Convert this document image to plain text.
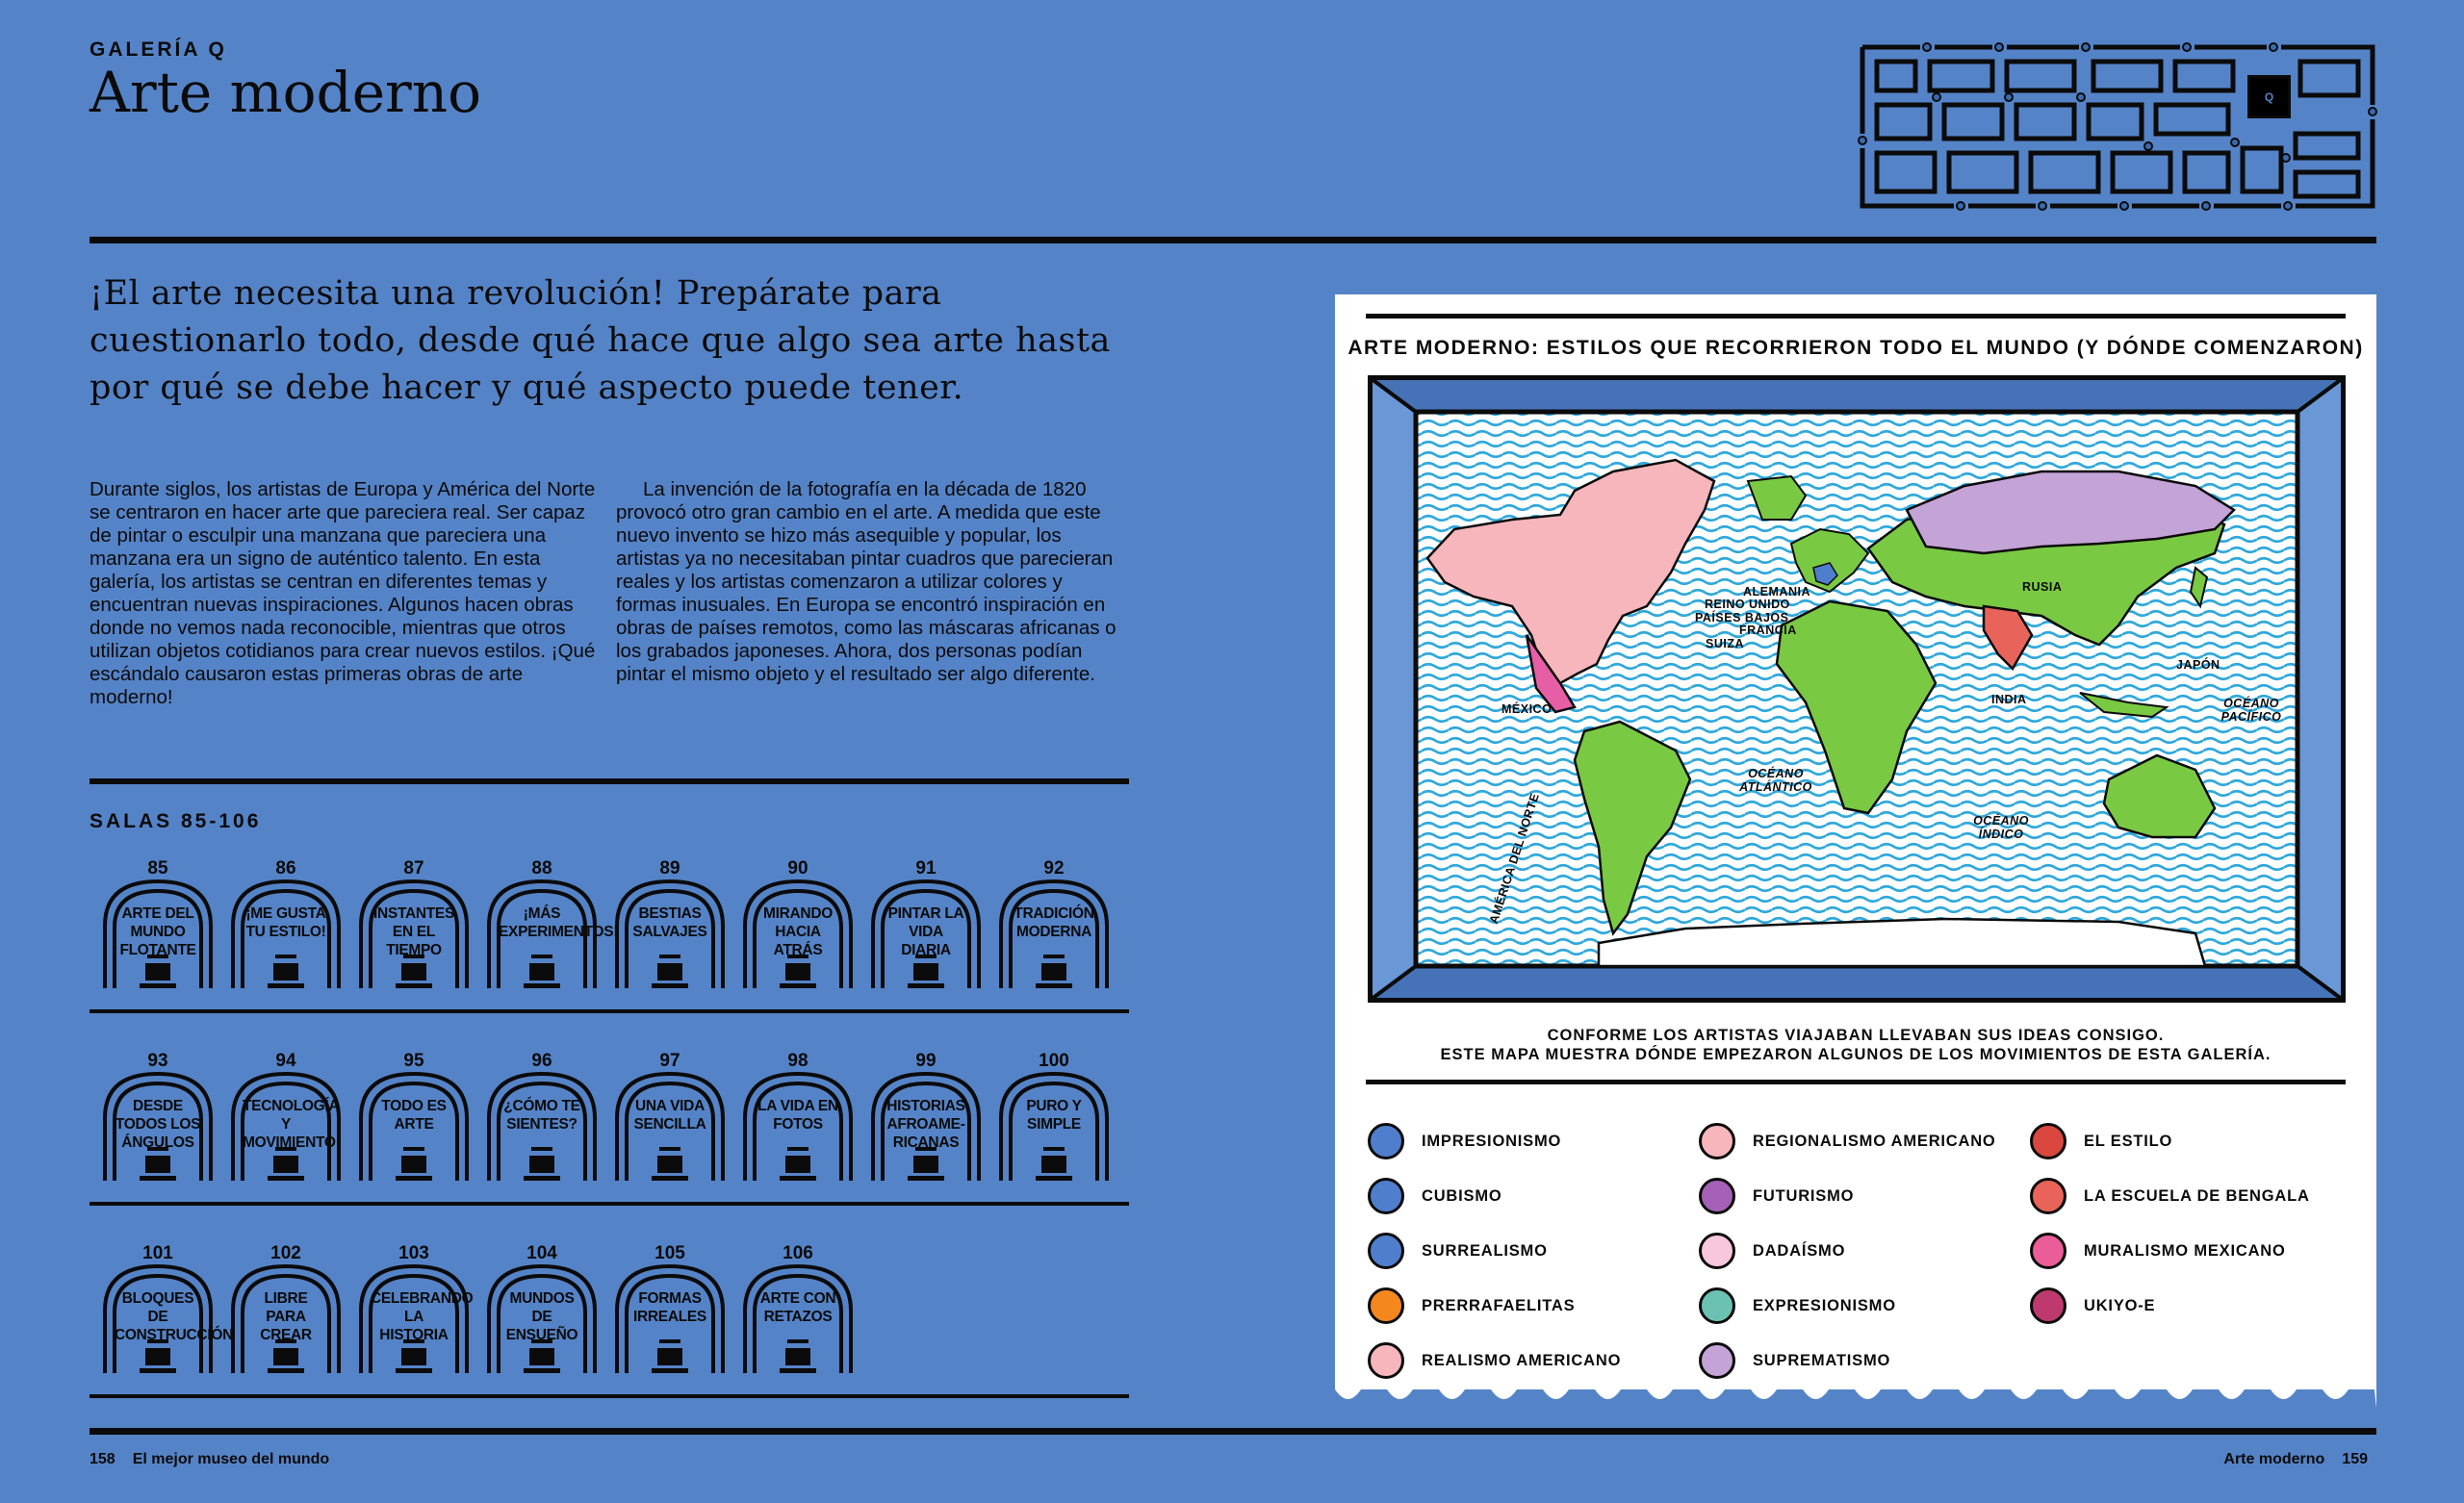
GALERÍA Q
Arte moderno	Q
¡El arte necesita una revolución! Prepárate para cuestionarlo todo, desde qué hace que algo sea arte hasta por qué se debe hacer y qué aspecto puede tener.
Durante siglos, los artistas de Europa y América del Norte se centraron en hacer arte que pareciera real. Ser capaz de pintar o esculpir una manzana que pareciera una manzana era un signo de auténtico talento. En esta galería, los artistas se centran en diferentes temas y encuentran nuevas inspiraciones. Algunos hacen obras donde no vemos nada reconocible, mientras que otros utilizan objetos cotidianos para crear nuevos estilos. ¡Qué escándalo causaron estas primeras obras de arte moderno!
La invención de la fotografía en la década de 1820 provocó otro gran cambio en el arte. A medida que este nuevo invento se hizo más asequible y popular, los artistas ya no necesitaban pintar cuadros que parecieran reales y los artistas comenzaron a utilizar colores y formas inusuales. En Europa se encontró inspiración en obras de países remotos, como las máscaras africanas o los grabados japoneses. Ahora, dos personas podían pintar el mismo objeto y el resultado ser algo diferente.
SALAS 85-106
85
ARTE DEL MUNDO FLOTANTE
86
¡ME GUSTA TU ESTILO!
87
INSTANTES EN EL TIEMPO
88
¡MÁS EXPERIMENTOS!
89
BESTIAS SALVAJES
90
MIRANDO HACIA ATRÁS
91
PINTAR LA VIDA DIARIA
92
TRADICIÓN MODERNA
93
DESDE TODOS LOS ÁNGULOS
94
TECNOLOGÍA Y MOVIMIENTO
95
TODO ES ARTE
96
¿CÓMO TE SIENTES?
97
UNA VIDA SENCILLA
98
LA VIDA EN FOTOS
99
HISTORIAS AFROAME-RICANAS
100
PURO Y SIMPLE
101
BLOQUES DE CONSTRUCCIÓN
102
LIBRE PARA CREAR
103
CELEBRANDO LA HISTORIA
104
MUNDOS DE ENSUEÑO
105
FORMAS IRREALES
106
ARTE CON RETAZOS
ARTE MODERNO: ESTILOS QUE RECORRIERON TODO EL MUNDO (Y DÓNDE COMENZARON)
AMÉRICA DEL NORTE
MÉXICO
ALEMANIA
REINO UNIDO
PAÍSES BAJOS
FRANCIA
SUIZA
RUSIA
INDIA
JAPÓN
OCÉANO
PACÍFICO
OCÉANO
ATLÁNTICO
OCÉANO
ÍNDICO
CONFORME LOS ARTISTAS VIAJABAN LLEVABAN SUS IDEAS CONSIGO.
ESTE MAPA MUESTRA DÓNDE EMPEZARON ALGUNOS DE LOS MOVIMIENTOS DE ESTA GALERÍA.
IMPRESIONISMO
CUBISMO
SURREALISMO
PRERRAFAELITAS
REALISMO AMERICANO
REGIONALISMO AMERICANO
FUTURISMO
DADAÍSMO
EXPRESIONISMO
SUPREMATISMO
EL ESTILO
LA ESCUELA DE BENGALA
MURALISMO MEXICANO
UKIYO-E
158 El mejor museo del mundo	Arte moderno 159
